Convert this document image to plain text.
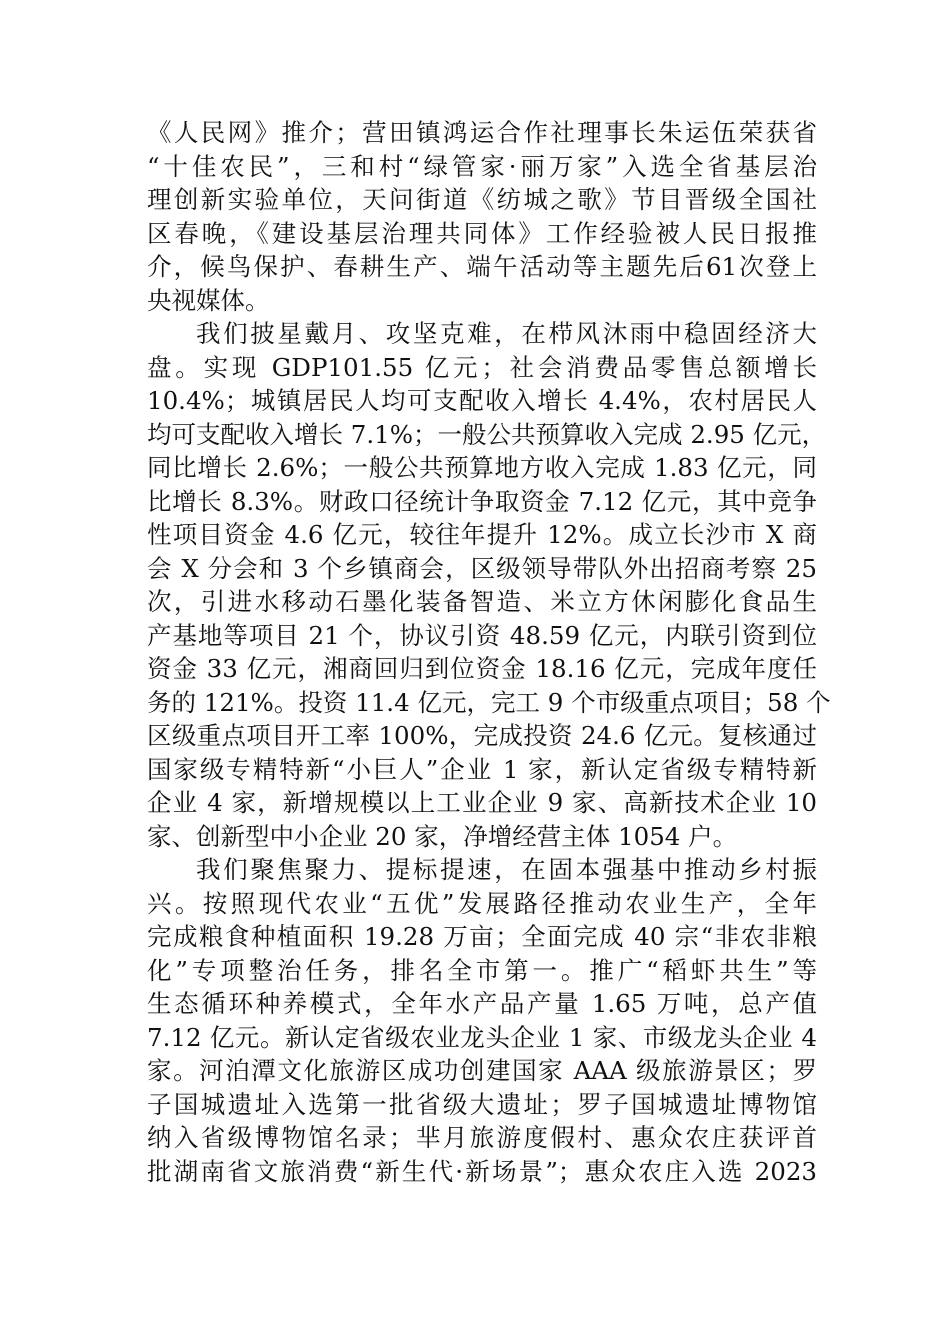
《人民网》推介；营田镇鸿运合作社理事长朱运伍荣获省
“十佳农民”，三和村“绿管家·丽万家”入选全省基层治
理创新实验单位，天问街道《纺城之歌》节目晋级全国社
区春晚，《建设基层治理共同体》工作经验被人民日报推
介，候鸟保护、春耕生产、端午活动等主题先后61次登上
央视媒体。
我们披星戴月、攻坚克难，在栉风沐雨中稳固经济大
盘。实现 GDP101.55 亿元；社会消费品零售总额增长
10.4%；城镇居民人均可支配收入增长 4.4%，农村居民人
均可支配收入增长 7.1%；一般公共预算收入完成 2.95 亿元，
同比增长 2.6%；一般公共预算地方收入完成 1.83 亿元，同
比增长 8.3%。财政口径统计争取资金 7.12 亿元，其中竞争
性项目资金 4.6 亿元，较往年提升 12%。成立长沙市 X 商
会 X 分会和 3 个乡镇商会，区级领导带队外出招商考察 25
次，引进水移动石墨化装备智造、米立方休闲膨化食品生
产基地等项目 21 个，协议引资 48.59 亿元，内联引资到位
资金 33 亿元，湘商回归到位资金 18.16 亿元，完成年度任
务的 121%。投资 11.4 亿元，完工 9 个市级重点项目；58 个
区级重点项目开工率 100%，完成投资 24.6 亿元。复核通过
国家级专精特新“小巨人”企业 1 家，新认定省级专精特新
企业 4 家，新增规模以上工业企业 9 家、高新技术企业 10
家、创新型中小企业 20 家，净增经营主体 1054 户。
我们聚焦聚力、提标提速，在固本强基中推动乡村振
兴。按照现代农业“五优”发展路径推动农业生产，全年
完成粮食种植面积 19.28 万亩；全面完成 40 宗“非农非粮
化”专项整治任务，排名全市第一。推广“稻虾共生”等
生态循环种养模式，全年水产品产量 1.65 万吨，总产值
7.12 亿元。新认定省级农业龙头企业 1 家、市级龙头企业 4
家。河泊潭文化旅游区成功创建国家 AAA 级旅游景区；罗
子国城遗址入选第一批省级大遗址；罗子国城遗址博物馆
纳入省级博物馆名录；芈月旅游度假村、惠众农庄获评首
批湖南省文旅消费“新生代·新场景”；惠众农庄入选 2023
